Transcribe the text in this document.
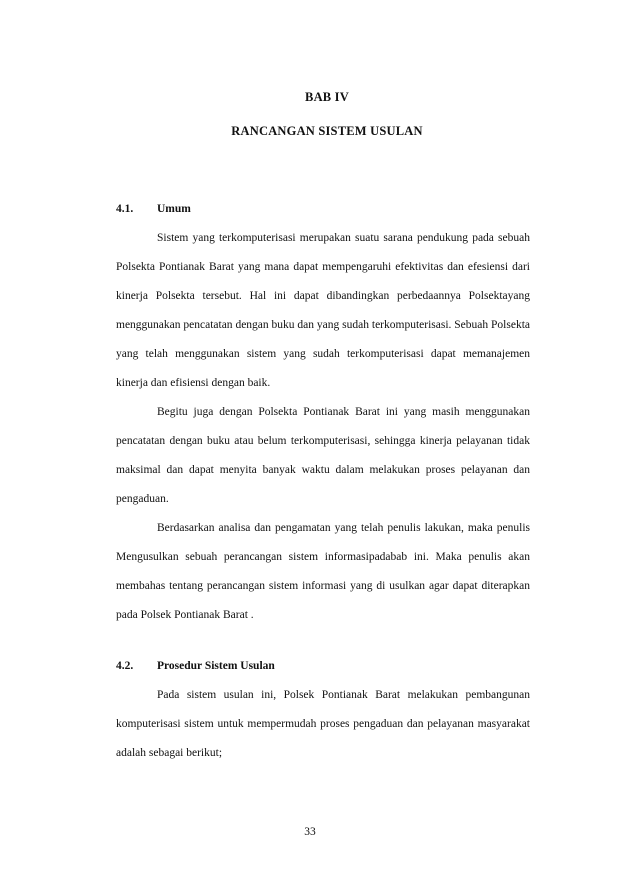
BAB IV
RANCANGAN SISTEM USULAN
4.1. Umum

Sistem yang terkomputerisasi merupakan suatu sarana pendukung pada sebuah Polsekta Pontianak Barat yang mana dapat mempengaruhi efektivitas dan efesiensi dari kinerja Polsekta tersebut. Hal ini dapat dibandingkan perbedaannya Polsektayang menggunakan pencatatan dengan buku dan yang sudah terkomputerisasi. Sebuah Polsekta yang telah menggunakan sistem yang sudah terkomputerisasi dapat memanajemen kinerja dan efisiensi dengan baik.

Begitu juga dengan Polsekta Pontianak Barat ini yang masih menggunakan pencatatan dengan buku atau belum terkomputerisasi, sehingga kinerja pelayanan tidak maksimal dan dapat menyita banyak waktu dalam melakukan proses pelayanan dan pengaduan.

Berdasarkan analisa dan pengamatan yang telah penulis lakukan, maka penulis Mengusulkan sebuah perancangan sistem informasipadabab ini. Maka penulis akan membahas tentang perancangan sistem informasi yang di usulkan agar dapat diterapkan pada Polsek Pontianak Barat .

4.2. Prosedur Sistem Usulan

Pada sistem usulan ini, Polsek Pontianak Barat melakukan pembangunan komputerisasi sistem untuk mempermudah proses pengaduan dan pelayanan masyarakat adalah sebagai berikut;

33
